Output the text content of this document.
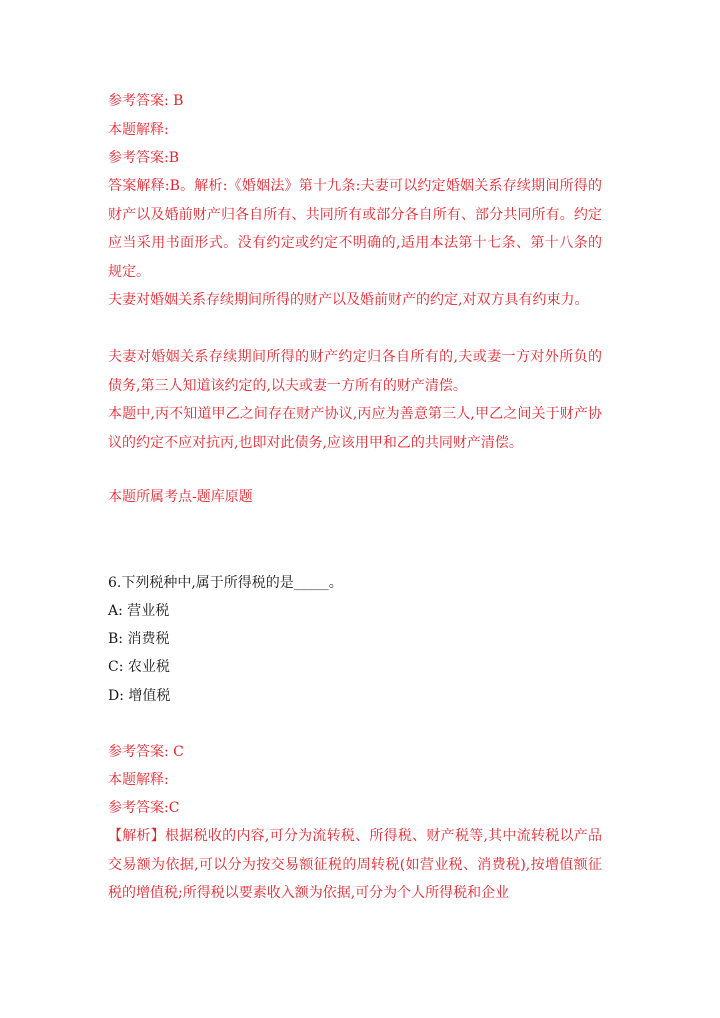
参考答案: B
本题解释:
参考答案:B
答案解释:B。解析:《婚姻法》第十九条:夫妻可以约定婚姻关系存续期间所得的财产以及婚前财产归各自所有、共同所有或部分各自所有、部分共同所有。约定应当采用书面形式。没有约定或约定不明确的,适用本法第十七条、第十八条的规定。
夫妻对婚姻关系存续期间所得的财产以及婚前财产的约定,对双方具有约束力。
夫妻对婚姻关系存续期间所得的财产约定归各自所有的,夫或妻一方对外所负的债务,第三人知道该约定的,以夫或妻一方所有的财产清偿。
本题中,丙不知道甲乙之间存在财产协议,丙应为善意第三人,甲乙之间关于财产协议的约定不应对抗丙,也即对此债务,应该用甲和乙的共同财产清偿。
本题所属考点-题库原题
6.下列税种中,属于所得税的是_____。
A: 营业税
B: 消费税
C: 农业税
D: 增值税
参考答案: C
本题解释:
参考答案:C
【解析】根据税收的内容,可分为流转税、所得税、财产税等,其中流转税以产品交易额为依据,可以分为按交易额征税的周转税(如营业税、消费税),按增值额征税的增值税;所得税以要素收入额为依据,可分为个人所得税和企业
